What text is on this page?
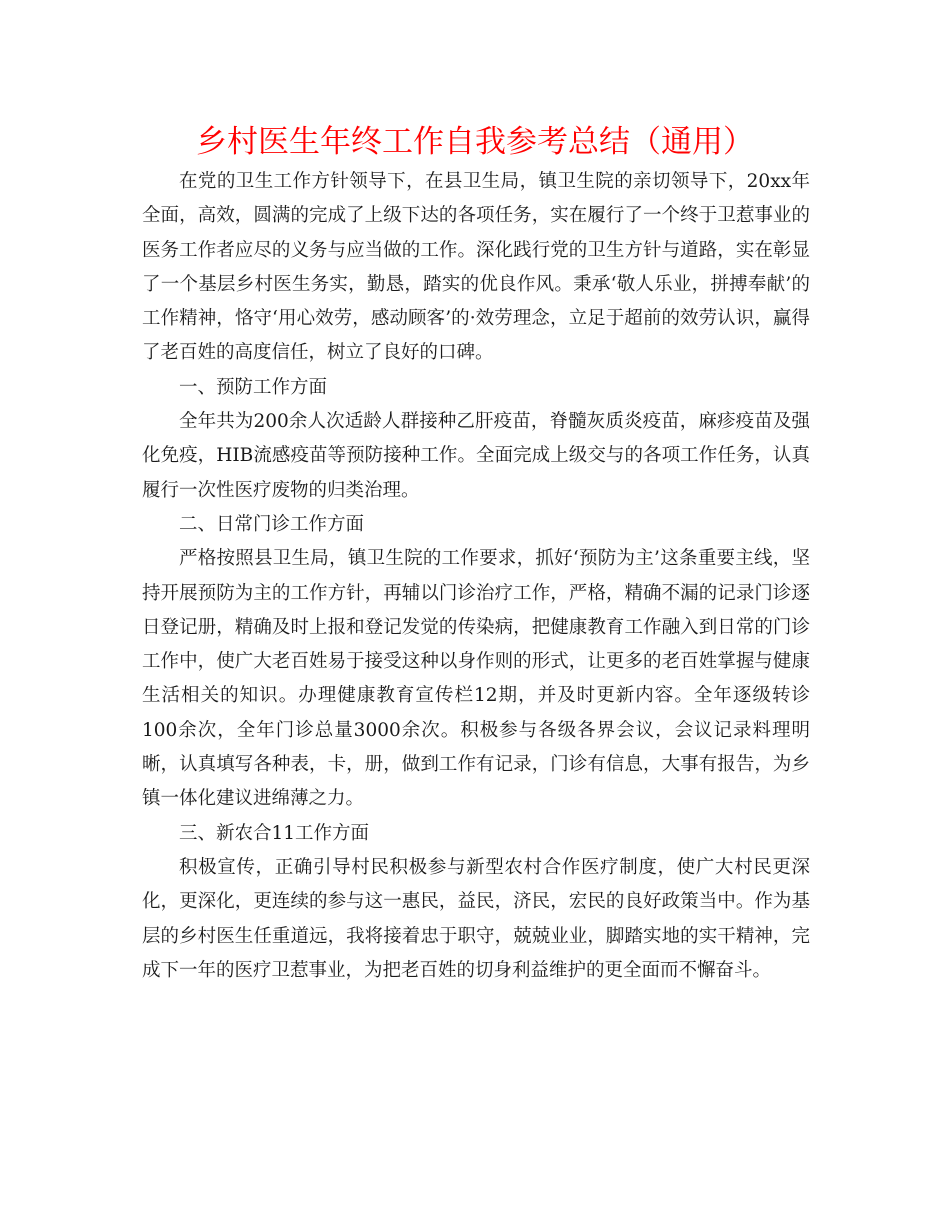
乡村医生年终工作自我参考总结（通用）

在党的卫生工作方针领导下，在县卫生局，镇卫生院的亲切领导下，20xx年全面，高效，圆满的完成了上级下达的各项任务，实在履行了一个终于卫惹事业的医务工作者应尽的义务与应当做的工作。深化践行党的卫生方针与道路，实在彰显了一个基层乡村医生务实，勤恳，踏实的优良作风。秉承‘敬人乐业，拼搏奉献’的工作精神，恪守‘用心效劳，感动顾客’的·效劳理念，立足于超前的效劳认识，赢得了老百姓的高度信任，树立了良好的口碑。

一、预防工作方面

全年共为200余人次适龄人群接种乙肝疫苗，脊髓灰质炎疫苗，麻疹疫苗及强化免疫，HIB流感疫苗等预防接种工作。全面完成上级交与的各项工作任务，认真履行一次性医疗废物的归类治理。

二、日常门诊工作方面

严格按照县卫生局，镇卫生院的工作要求，抓好‘预防为主’这条重要主线，坚持开展预防为主的工作方针，再辅以门诊治疗工作，严格，精确不漏的记录门诊逐日登记册，精确及时上报和登记发觉的传染病，把健康教育工作融入到日常的门诊工作中，使广大老百姓易于接受这种以身作则的形式，让更多的老百姓掌握与健康生活相关的知识。办理健康教育宣传栏12期，并及时更新内容。全年逐级转诊100余次，全年门诊总量3000余次。积极参与各级各界会议，会议记录料理明晰，认真填写各种表，卡，册，做到工作有记录，门诊有信息，大事有报告，为乡镇一体化建议进绵薄之力。

三、新农合11工作方面

积极宣传，正确引导村民积极参与新型农村合作医疗制度，使广大村民更深化，更深化，更连续的参与这一惠民，益民，济民，宏民的良好政策当中。作为基层的乡村医生任重道远，我将接着忠于职守，兢兢业业，脚踏实地的实干精神，完成下一年的医疗卫惹事业，为把老百姓的切身利益维护的更全面而不懈奋斗。
